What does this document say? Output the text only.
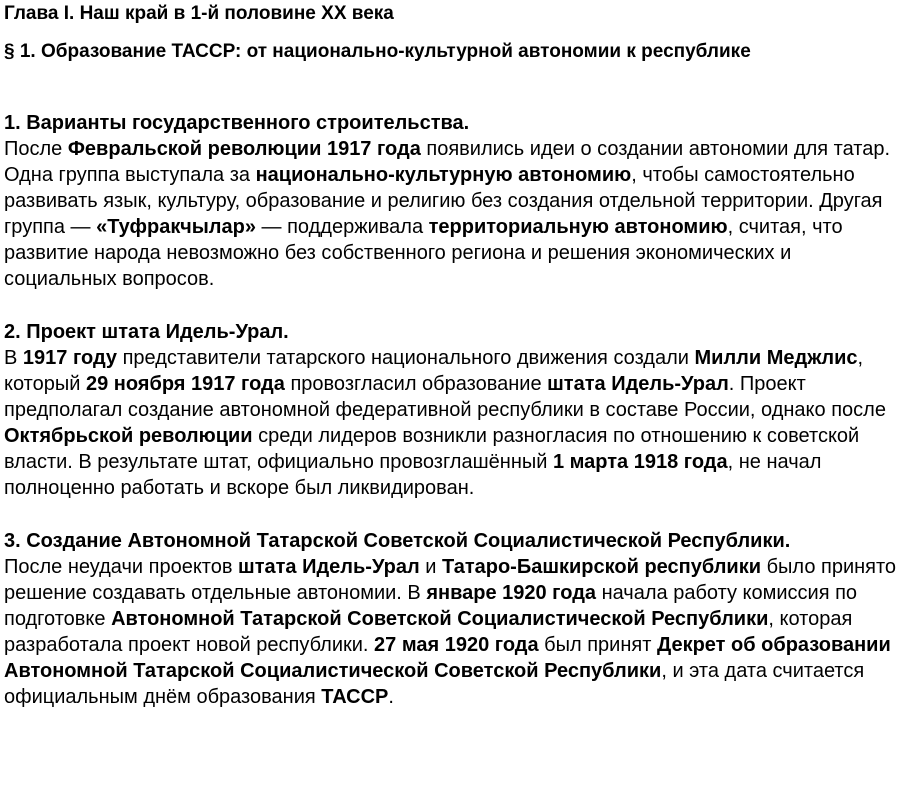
Глава I. Наш край в 1-й половине XX века

§ 1. Образование ТАССР: от национально-культурной автономии к республике

1. Варианты государственного строительства.

После Февральской революции 1917 года появились идеи о создании автономии для татар. Одна группа выступала за национально-культурную автономию, чтобы самостоятельно развивать язык, культуру, образование и религию без создания отдельной территории. Другая группа — «Туфракчылар» — поддерживала территориальную автономию, считая, что развитие народа невозможно без собственного региона и решения экономических и социальных вопросов.

2. Проект штата Идель-Урал.

В 1917 году представители татарского национального движения создали Милли Меджлис, который 29 ноября 1917 года провозгласил образование штата Идель-Урал. Проект предполагал создание автономной федеративной республики в составе России, однако после Октябрьской революции среди лидеров возникли разногласия по отношению к советской власти. В результате штат, официально провозглашённый 1 марта 1918 года, не начал полноценно работать и вскоре был ликвидирован.

3. Создание Автономной Татарской Советской Социалистической Республики.

После неудачи проектов штата Идель-Урал и Татаро-Башкирской республики было принято решение создавать отдельные автономии. В январе 1920 года начала работу комиссия по подготовке Автономной Татарской Советской Социалистической Республики, которая разработала проект новой республики. 27 мая 1920 года был принят Декрет об образовании Автономной Татарской Социалистической Советской Республики, и эта дата считается официальным днём образования ТАССР.
